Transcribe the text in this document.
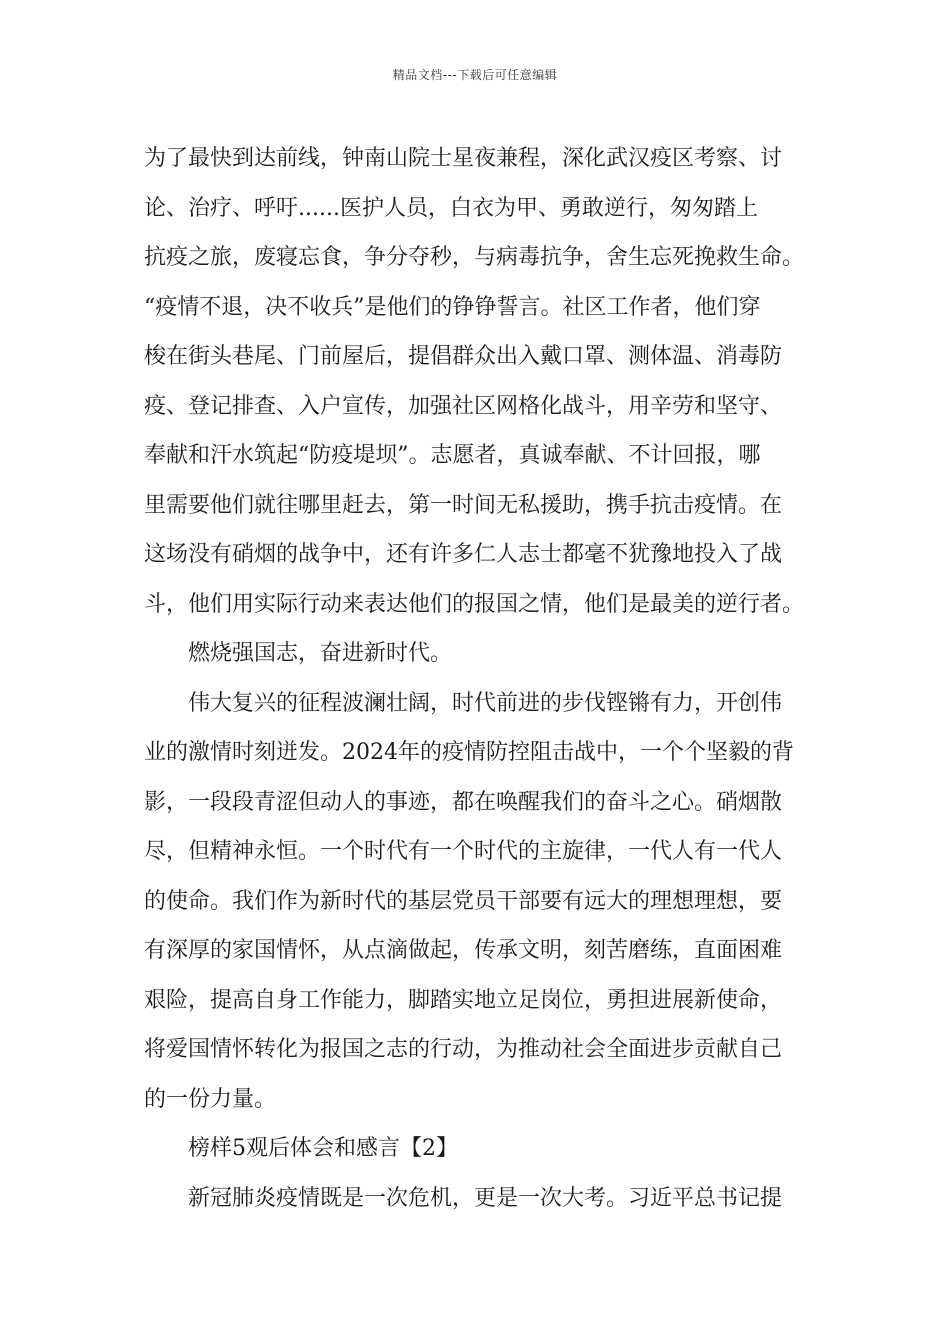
精品文档---下载后可任意编辑

为了最快到达前线，钟南山院士星夜兼程，深化武汉疫区考察、讨
论、治疗、呼吁......医护人员，白衣为甲、勇敢逆行，匆匆踏上
抗疫之旅，废寝忘食，争分夺秒，与病毒抗争，舍生忘死挽救生命。
“疫情不退，决不收兵”是他们的铮铮誓言。社区工作者，他们穿
梭在街头巷尾、门前屋后，提倡群众出入戴口罩、测体温、消毒防
疫、登记排查、入户宣传，加强社区网格化战斗，用辛劳和坚守、
奉献和汗水筑起“防疫堤坝”。志愿者，真诚奉献、不计回报，哪
里需要他们就往哪里赶去，第一时间无私援助，携手抗击疫情。在
这场没有硝烟的战争中，还有许多仁人志士都毫不犹豫地投入了战
斗，他们用实际行动来表达他们的报国之情，他们是最美的逆行者。

燃烧强国志，奋进新时代。

伟大复兴的征程波澜壮阔，时代前进的步伐铿锵有力，开创伟
业的激情时刻迸发。2024年的疫情防控阻击战中，一个个坚毅的背
影，一段段青涩但动人的事迹，都在唤醒我们的奋斗之心。硝烟散
尽，但精神永恒。一个时代有一个时代的主旋律，一代人有一代人
的使命。我们作为新时代的基层党员干部要有远大的理想理想，要
有深厚的家国情怀，从点滴做起，传承文明，刻苦磨练，直面困难
艰险，提高自身工作能力，脚踏实地立足岗位，勇担进展新使命，
将爱国情怀转化为报国之志的行动，为推动社会全面进步贡献自己
的一份力量。

榜样5观后体会和感言【2】

新冠肺炎疫情既是一次危机，更是一次大考。习近平总书记提
